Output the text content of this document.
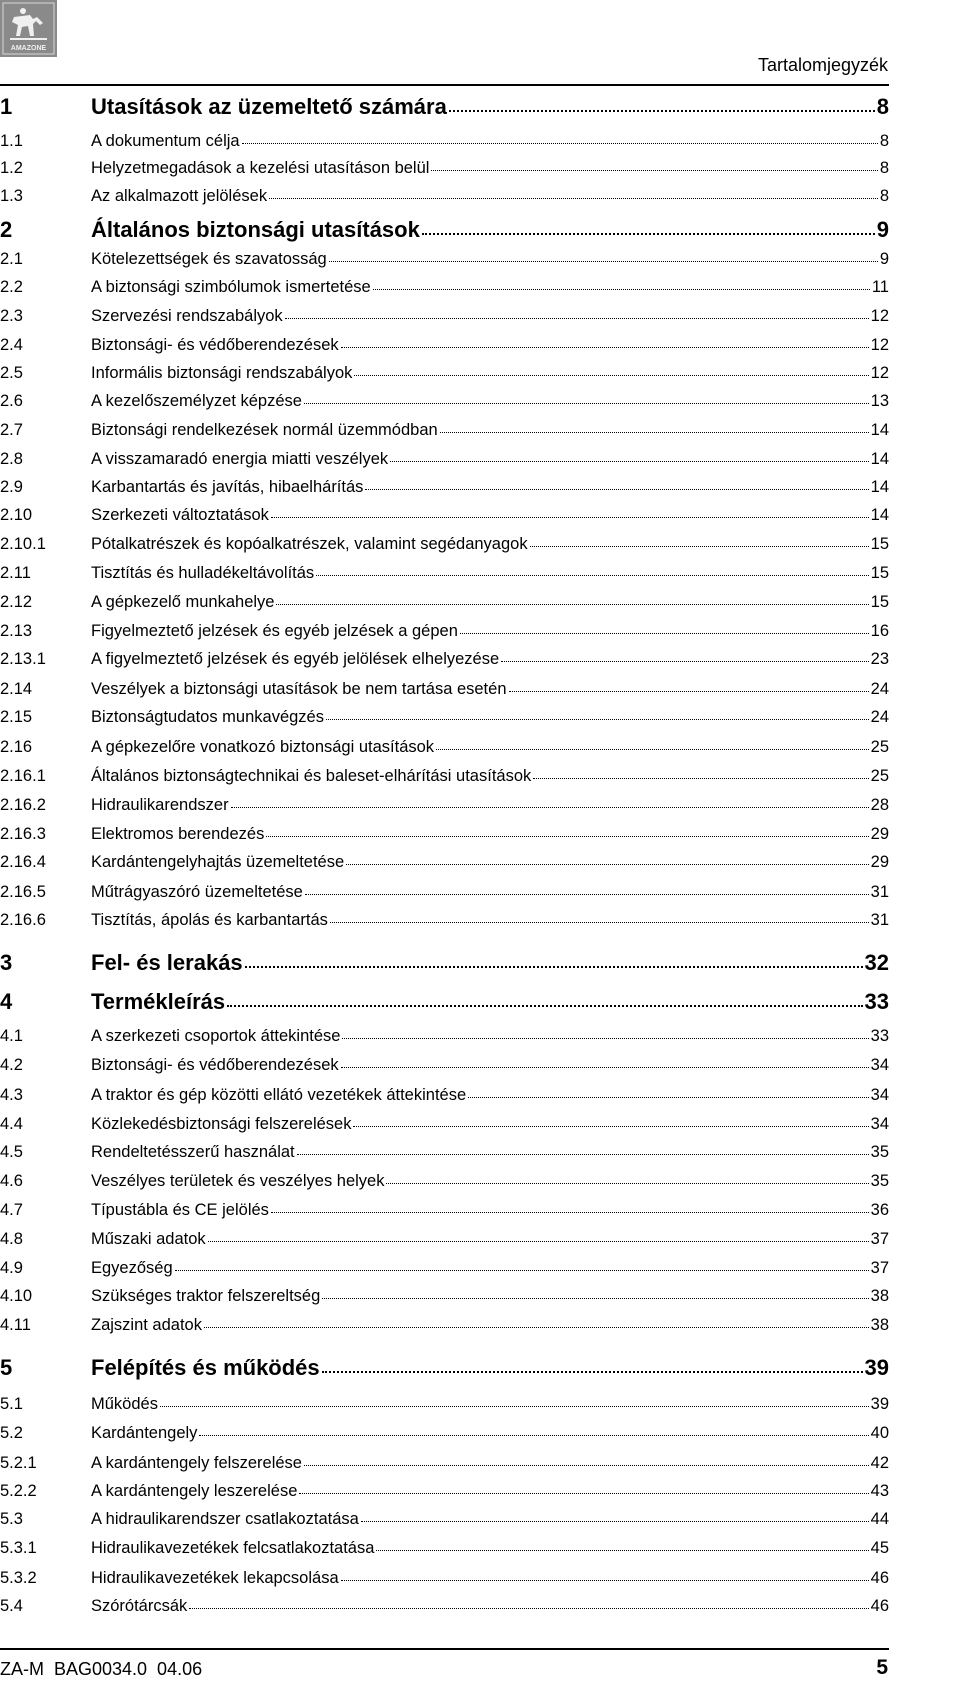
AMAZONE
Tartalomjegyzék
1	Utasítások az üzemeltető számára	8
1.1	A dokumentum célja	8
1.2	Helyzetmegadások a kezelési utasításon belül	8
1.3	Az alkalmazott jelölések	8
2	Általános biztonsági utasítások	9
2.1	Kötelezettségek és szavatosság	9
2.2	A biztonsági szimbólumok ismertetése	11
2.3	Szervezési rendszabályok	12
2.4	Biztonsági- és védőberendezések	12
2.5	Informális biztonsági rendszabályok	12
2.6	A kezelőszemélyzet képzése	13
2.7	Biztonsági rendelkezések normál üzemmódban	14
2.8	A visszamaradó energia miatti veszélyek	14
2.9	Karbantartás és javítás, hibaelhárítás	14
2.10	Szerkezeti változtatások	14
2.10.1	Pótalkatrészek és kopóalkatrészek, valamint segédanyagok	15
2.11	Tisztítás és hulladékeltávolítás	15
2.12	A gépkezelő munkahelye	15
2.13	Figyelmeztető jelzések és egyéb jelzések a gépen	16
2.13.1	A figyelmeztető jelzések és egyéb jelölések elhelyezése	23
2.14	Veszélyek a biztonsági utasítások be nem tartása esetén	24
2.15	Biztonságtudatos munkavégzés	24
2.16	A gépkezelőre vonatkozó biztonsági utasítások	25
2.16.1	Általános biztonságtechnikai és baleset-elhárítási utasítások	25
2.16.2	Hidraulikarendszer	28
2.16.3	Elektromos berendezés	29
2.16.4	Kardántengelyhajtás üzemeltetése	29
2.16.5	Műtrágyaszóró üzemeltetése	31
2.16.6	Tisztítás, ápolás és karbantartás	31
3	Fel- és lerakás	32
4	Termékleírás	33
4.1	A szerkezeti csoportok áttekintése	33
4.2	Biztonsági- és védőberendezések	34
4.3	A traktor és gép közötti ellátó vezetékek áttekintése	34
4.4	Közlekedésbiztonsági felszerelések	34
4.5	Rendeltetésszerű használat	35
4.6	Veszélyes területek és veszélyes helyek	35
4.7	Típustábla és CE jelölés	36
4.8	Műszaki adatok	37
4.9	Egyezőség	37
4.10	Szükséges traktor felszereltség	38
4.11	Zajszint adatok	38
5	Felépítés és működés	39
5.1	Működés	39
5.2	Kardántengely	40
5.2.1	A kardántengely felszerelése	42
5.2.2	A kardántengely leszerelése	43
5.3	A hidraulikarendszer csatlakoztatása	44
5.3.1	Hidraulikavezetékek felcsatlakoztatása	45
5.3.2	Hidraulikavezetékek lekapcsolása	46
5.4	Szórótárcsák	46
ZA-M  BAG0034.0  04.06	5
